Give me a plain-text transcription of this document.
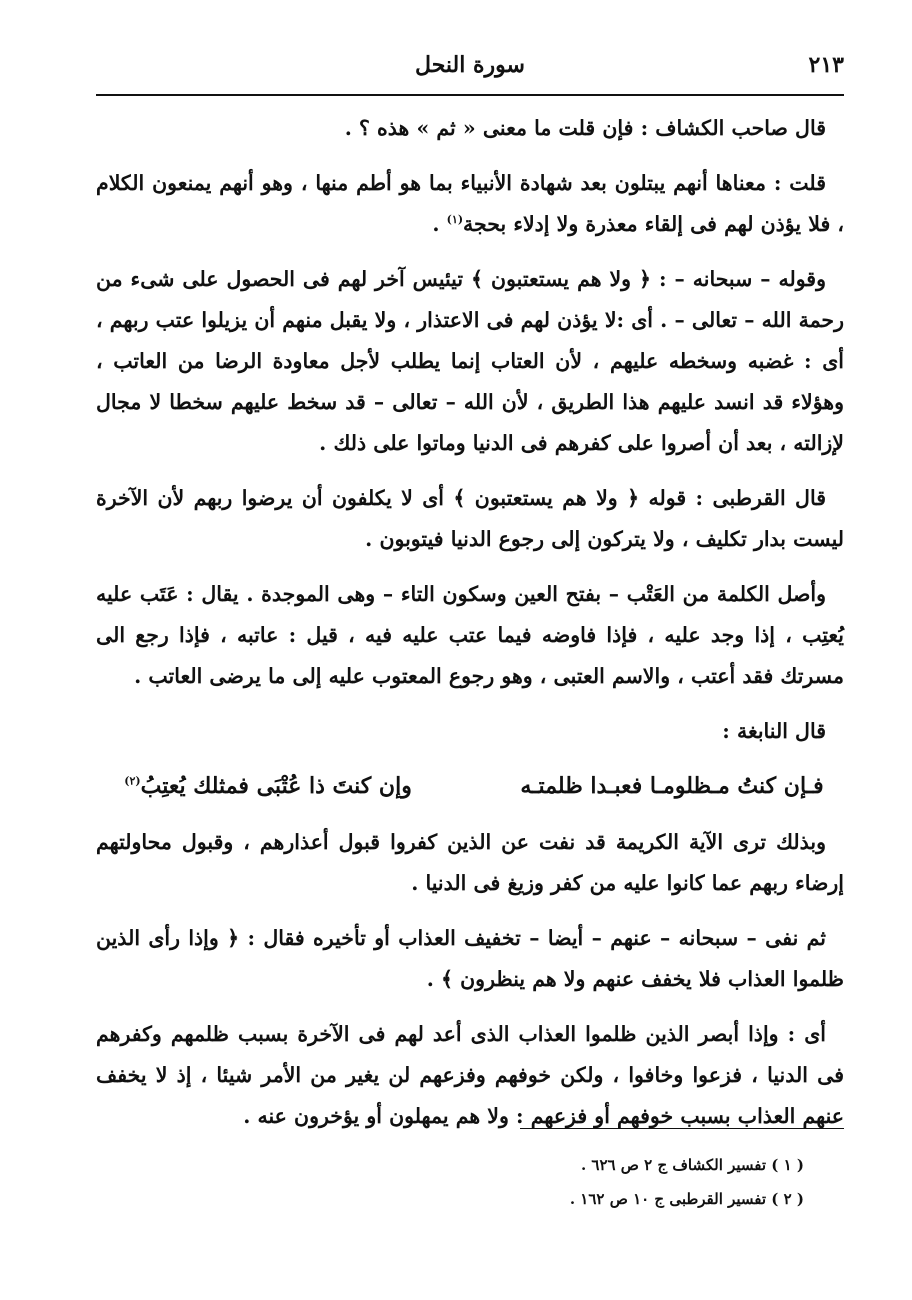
٢١٣
سورة النحل

قال صاحب الكشاف : فإن قلت ما معنى « ثم » هذه ؟ .

قلت : معناها أنهم يبتلون بعد شهادة الأنبياء بما هو أطم منها ، وهو أنهم يمنعون الكلام ، فلا يؤذن لهم فى إلقاء معذرة ولا إدلاء بحجة$^{(١)}$ .

وقوله – سبحانه – : ﴿ ولا هم يستعتبون ﴾ تيئيس آخر لهم فى الحصول على شىء من رحمة الله – تعالى – . أى :لا يؤذن لهم فى الاعتذار ، ولا يقبل منهم أن يزيلوا عتب ربهم ، أى : غضبه وسخطه عليهم ، لأن العتاب إنما يطلب لأجل معاودة الرضا من العاتب ، وهؤلاء قد انسد عليهم هذا الطريق ، لأن الله – تعالى – قد سخط عليهم سخطا لا مجال لإزالته ، بعد أن أصروا على كفرهم فى الدنيا وماتوا على ذلك .

قال القرطبى : قوله ﴿ ولا هم يستعتبون ﴾ أى لا يكلفون أن يرضوا ربهم لأن الآخرة ليست بدار تكليف ، ولا يتركون إلى رجوع الدنيا فيتوبون .

وأصل الكلمة من العَتْب – بفتح العين وسكون التاء – وهى الموجدة . يقال : عَتَب عليه يُعتِب ، إذا وجد عليه ، فإذا فاوضه فيما عتب عليه فيه ، قيل : عاتبه ، فإذا رجع الى مسرتك فقد أعتب ، والاسم العتبى ، وهو رجوع المعتوب عليه إلى ما يرضى العاتب .

قال النابغة :

فـإن كنتُ مـظلومـا فعبـدا ظلمتـه
وإن كنتَ ذا عُتْبَى فمثلك يُعتِبُ$^{(٢)}$

وبذلك ترى الآية الكريمة قد نفت عن الذين كفروا قبول أعذارهم ، وقبول محاولتهم إرضاء ربهم عما كانوا عليه من كفر وزيغ فى الدنيا .

ثم نفى – سبحانه – عنهم – أيضا – تخفيف العذاب أو تأخيره فقال : ﴿ وإذا رأى الذين ظلموا العذاب فلا يخفف عنهم ولا هم ينظرون ﴾ .

أى : وإذا أبصر الذين ظلموا العذاب الذى أعد لهم فى الآخرة بسبب ظلمهم وكفرهم فى الدنيا ، فزعوا وخافوا ، ولكن خوفهم وفزعهم لن يغير من الأمر شيئا ، إذ لا يخفف عنهم العذاب بسبب خوفهم أو فزعهم : ولا هم يمهلون أو يؤخرون عنه .

( ١ ) تفسير الكشاف ج ٢ ص ٦٢٦ .
( ٢ ) تفسير القرطبى ج ١٠ ص ١٦٢ .
